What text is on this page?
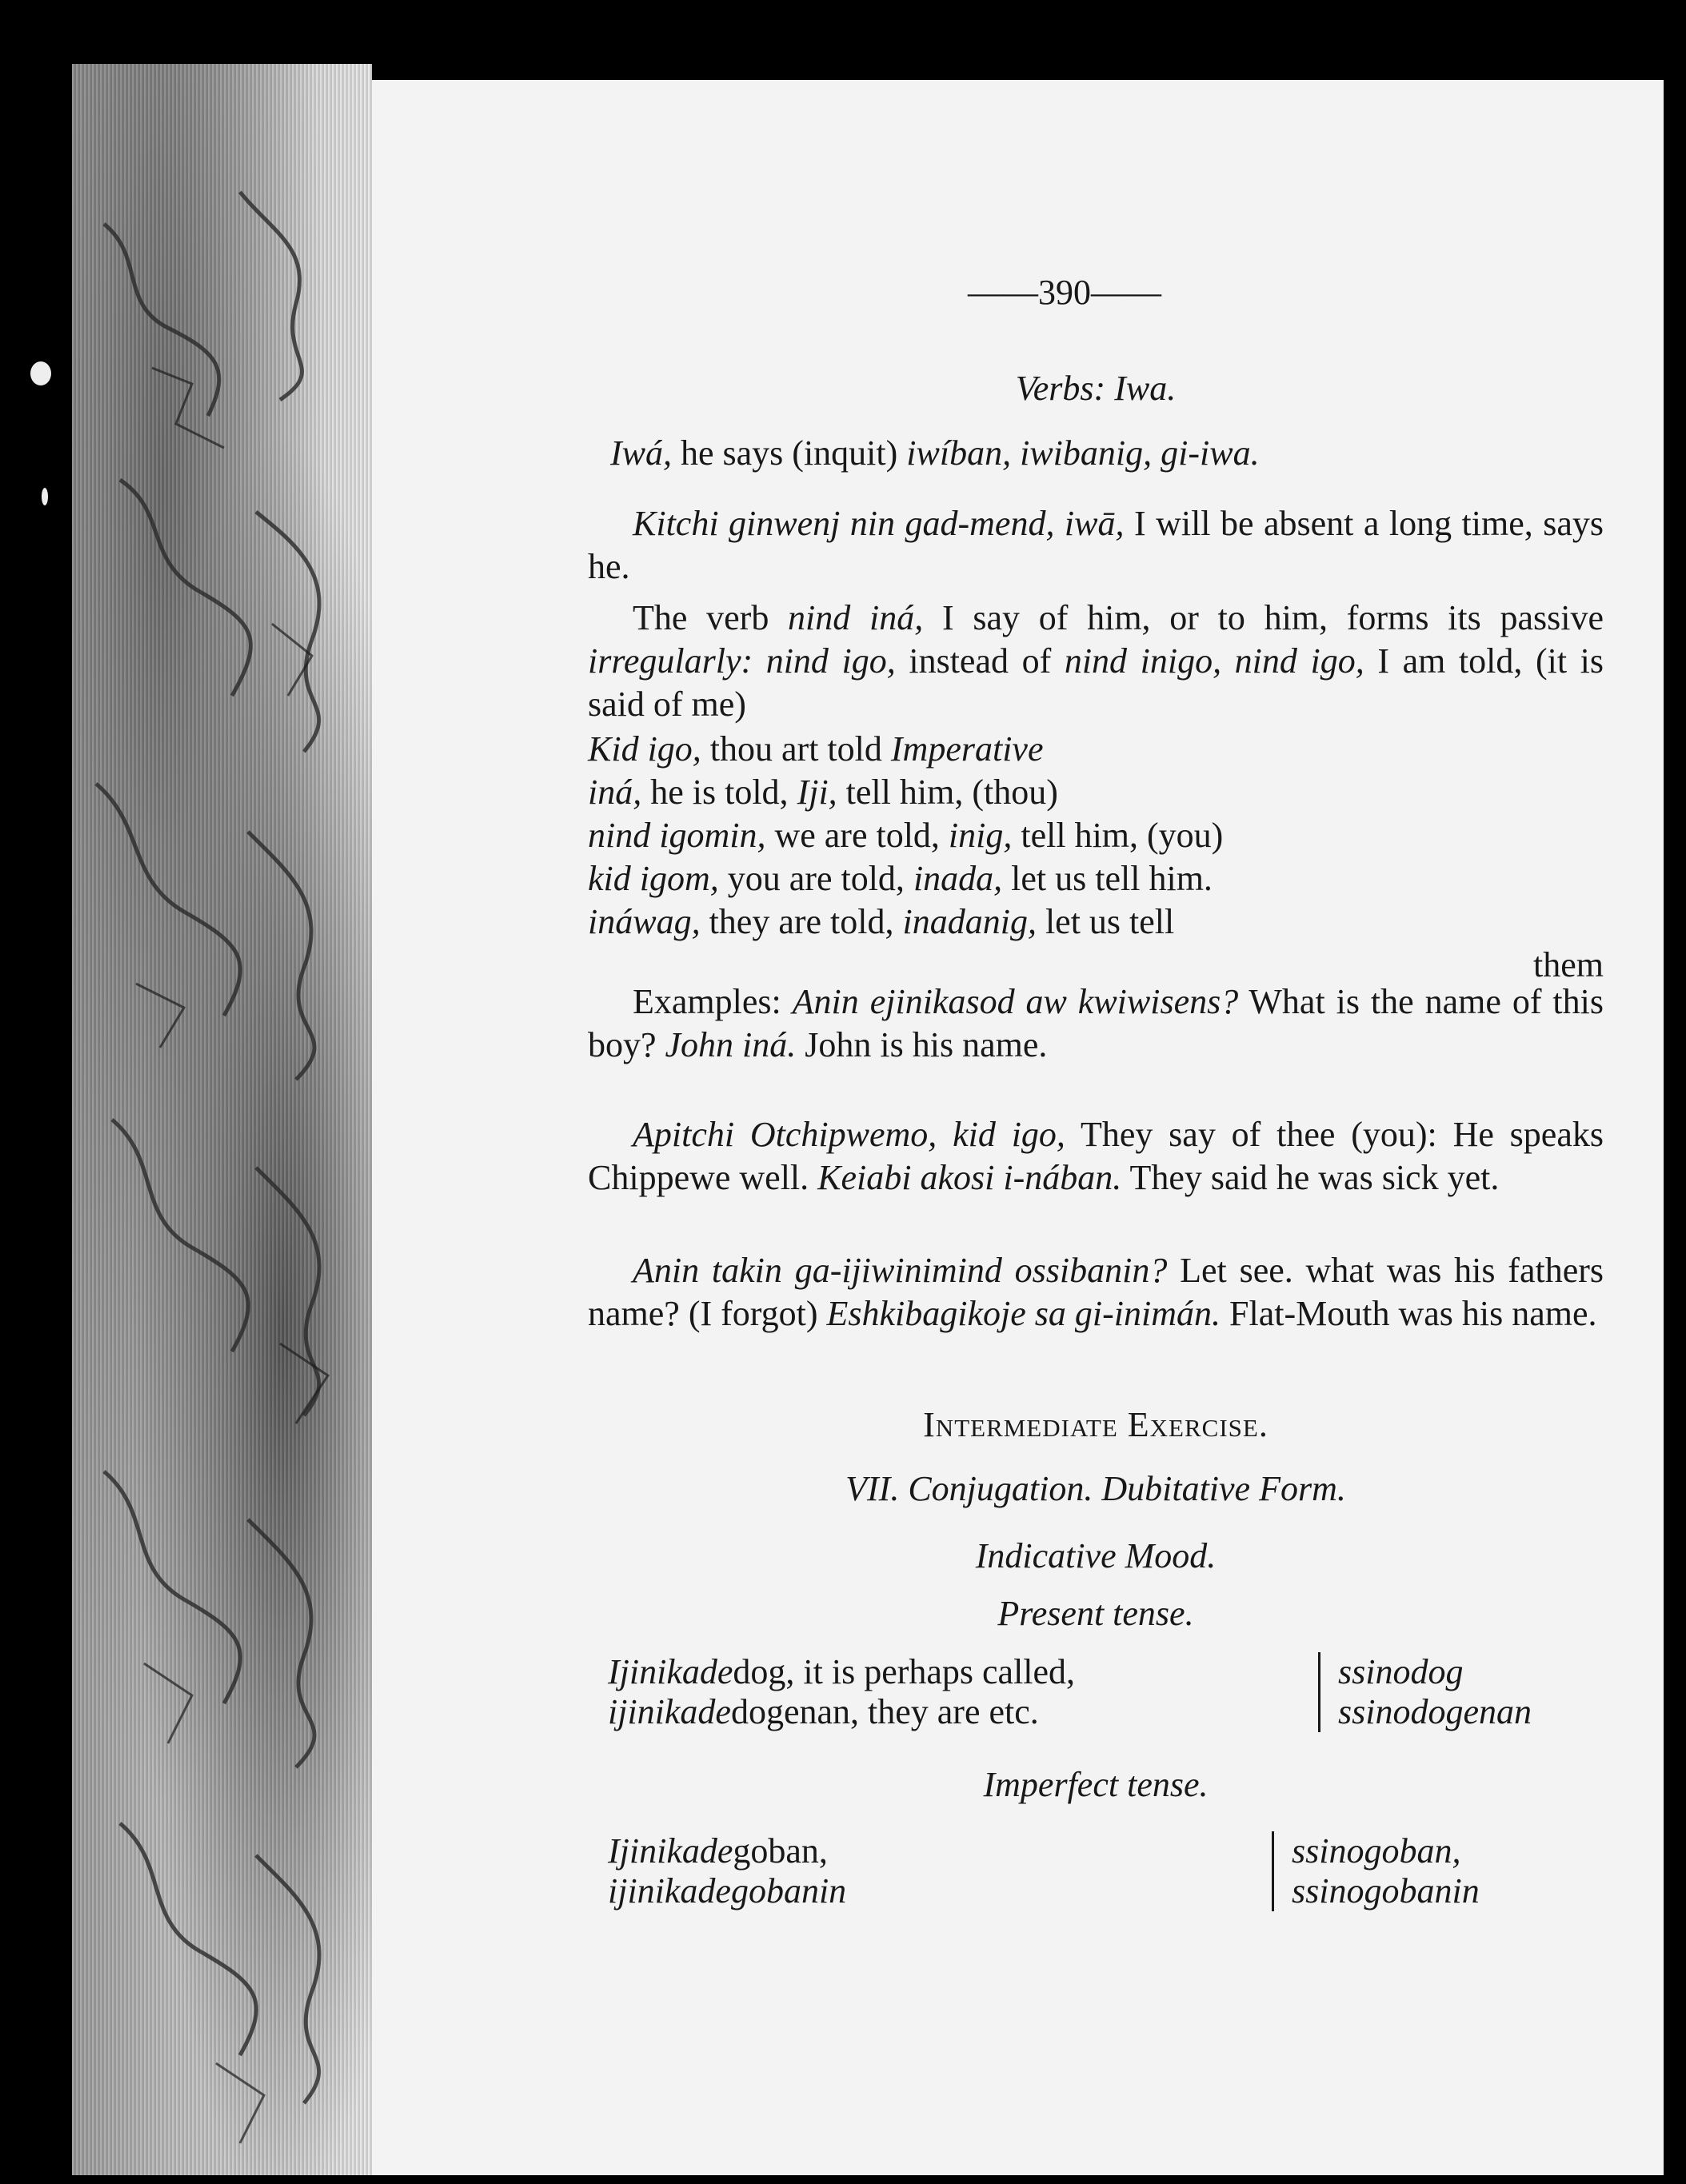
——390——
Verbs: Iwa.
Iwá, he says (inquit) iwíban, iwibanig, gi-iwa.
Kitchi ginwenj nin gad-mend, iwā, I will be absent a long time, says he.
The verb nind iná, I say of him, or to him, forms its passive irregularly: nind igo, instead of nind inigo, nind igo, I am told, (it is said of me)
Kid igo, thou art told Imperative
iná, he is told, Iji, tell him, (thou)
nind igomin, we are told, inig, tell him, (you)
kid igom, you are told, inada, let us tell him.
ináwag, they are told, inadanig, let us tell
them
Examples: Anin ejinikasod aw kwiwisens? What is the name of this boy? John iná. John is his name.
Apitchi Otchipwemo, kid igo, They say of thee (you): He speaks Chippewe well. Keiabi akosi i-nában. They said he was sick yet.
Anin takin ga-ijiwinimind ossibanin? Let see. what was his fathers name? (I forgot) Eshkibagikoje sa gi-inimán. Flat-Mouth was his name.
Intermediate Exercise.
VII. Conjugation. Dubitative Form.
Indicative Mood.
Present tense.
Ijinikadedog, it is perhaps called,
ijinikadedogenan, they are etc.
ssinodog
ssinodogenan
Imperfect tense.
Ijinikadegoban,
ijinikadegobanin
ssinogoban,
ssinogobanin
